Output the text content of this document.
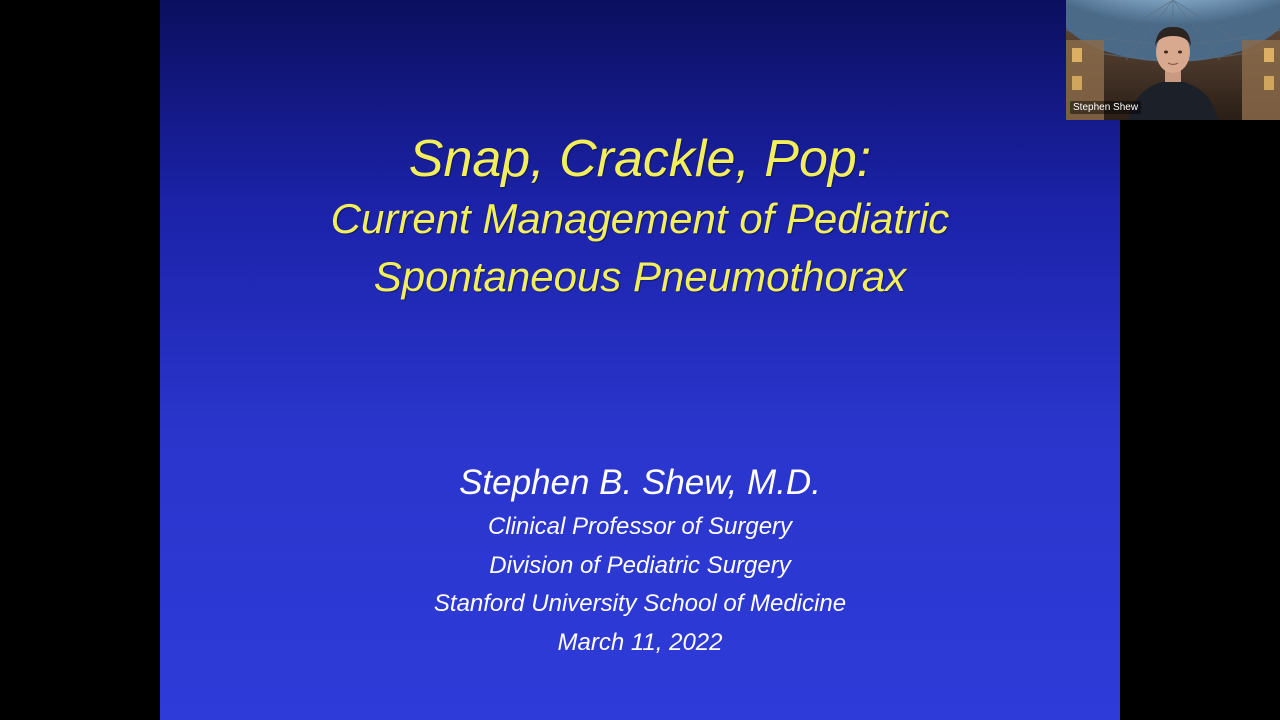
Snap, Crackle, Pop:
Current Management of Pediatric
Spontaneous Pneumothorax
Stephen B. Shew, M.D.
Clinical Professor of Surgery
Division of Pediatric Surgery
Stanford University School of Medicine
March 11, 2022
Stephen Shew
